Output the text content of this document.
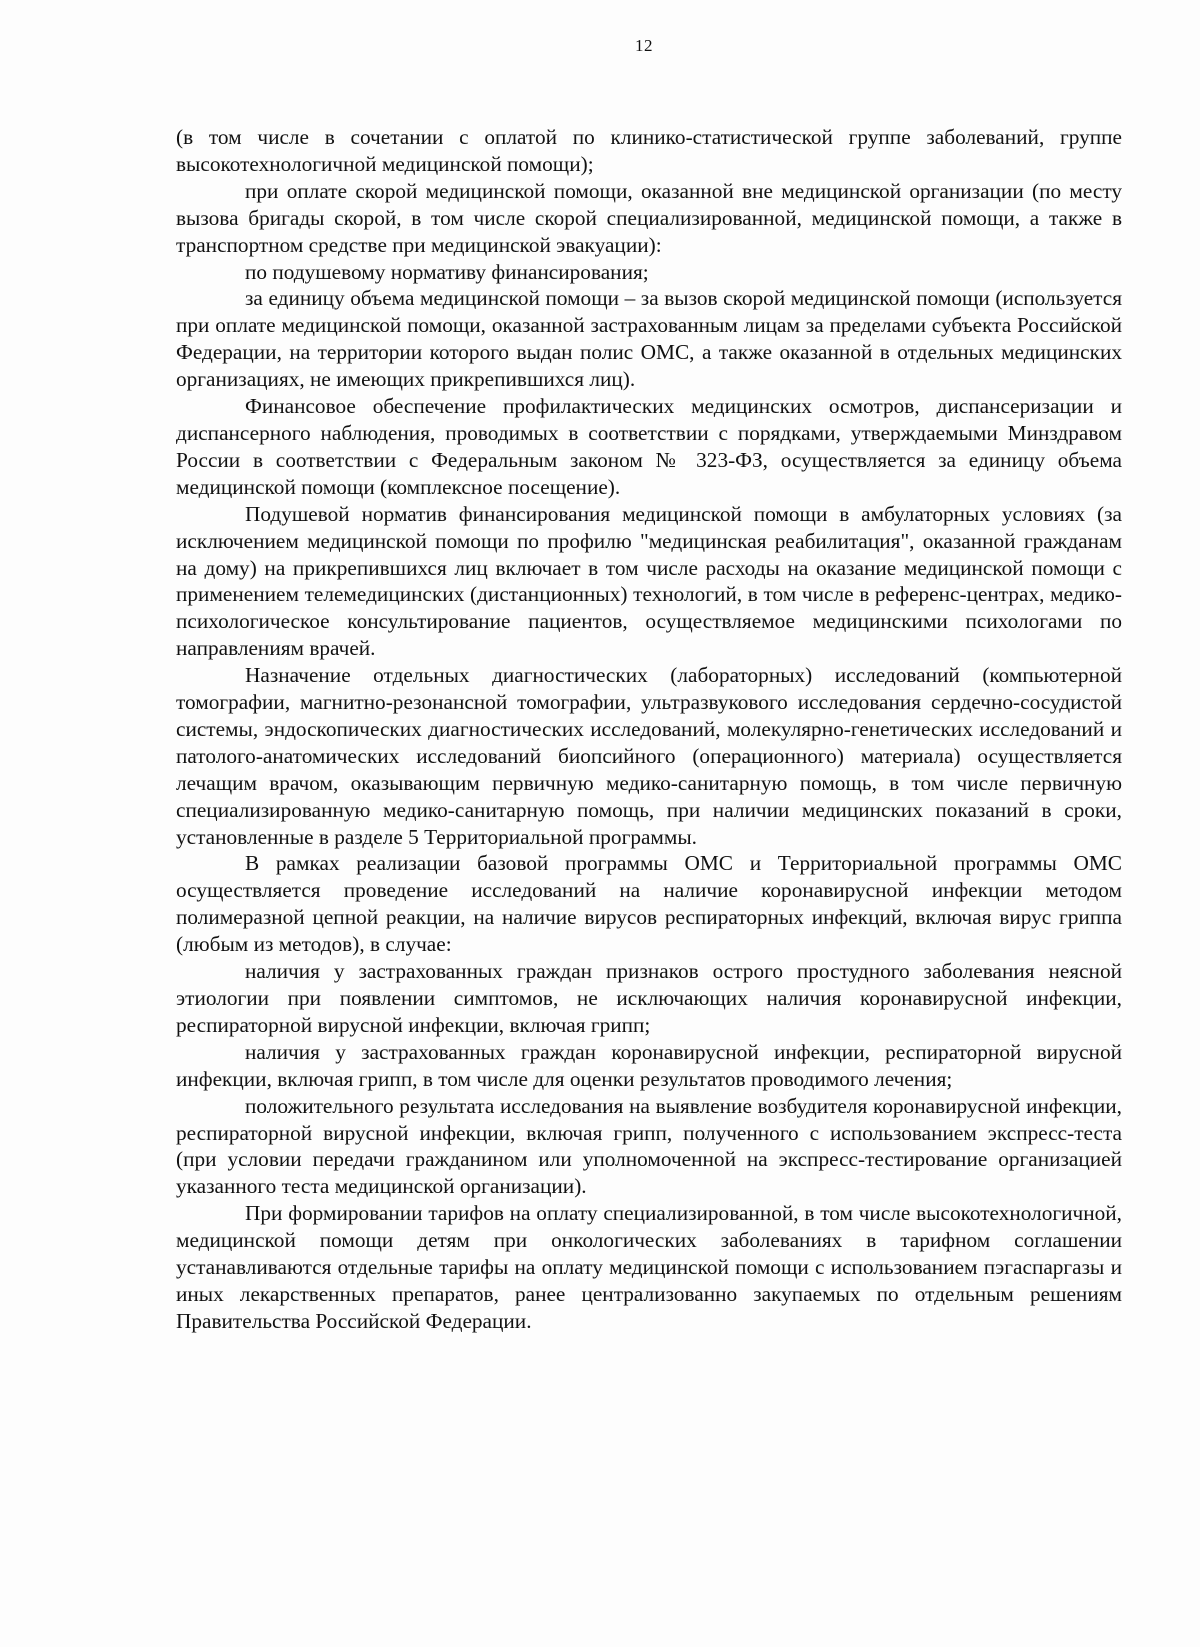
12

(в том числе в сочетании с оплатой по клинико-статистической группе заболеваний, группе высокотехнологичной медицинской помощи);

при оплате скорой медицинской помощи, оказанной вне медицинской организации (по месту вызова бригады скорой, в том числе скорой специализированной, медицинской помощи, а также в транспортном средстве при медицинской эвакуации):

по подушевому нормативу финансирования;

за единицу объема медицинской помощи – за вызов скорой медицинской помощи (используется при оплате медицинской помощи, оказанной застрахованным лицам за пределами субъекта Российской Федерации, на территории которого выдан полис ОМС, а также оказанной в отдельных медицинских организациях, не имеющих прикрепившихся лиц).

Финансовое обеспечение профилактических медицинских осмотров, диспансеризации и диспансерного наблюдения, проводимых в соответствии с порядками, утверждаемыми Минздравом России в соответствии с Федеральным законом № 323-ФЗ, осуществляется за единицу объема медицинской помощи (комплексное посещение).

Подушевой норматив финансирования медицинской помощи в амбулаторных условиях (за исключением медицинской помощи по профилю "медицинская реабилитация", оказанной гражданам на дому) на прикрепившихся лиц включает в том числе расходы на оказание медицинской помощи с применением телемедицинских (дистанционных) технологий, в том числе в референс-центрах, медико-психологическое консультирование пациентов, осуществляемое медицинскими психологами по направлениям врачей.

Назначение отдельных диагностических (лабораторных) исследований (компьютерной томографии, магнитно-резонансной томографии, ультразвукового исследования сердечно-сосудистой системы, эндоскопических диагностических исследований, молекулярно-генетических исследований и патолого-анатомических исследований биопсийного (операционного) материала) осуществляется лечащим врачом, оказывающим первичную медико-санитарную помощь, в том числе первичную специализированную медико-санитарную помощь, при наличии медицинских показаний в сроки, установленные в разделе 5 Территориальной программы.

В рамках реализации базовой программы ОМС и Территориальной программы ОМС осуществляется проведение исследований на наличие коронавирусной инфекции методом полимеразной цепной реакции, на наличие вирусов респираторных инфекций, включая вирус гриппа (любым из методов), в случае:

наличия у застрахованных граждан признаков острого простудного заболевания неясной этиологии при появлении симптомов, не исключающих наличия коронавирусной инфекции, респираторной вирусной инфекции, включая грипп;

наличия у застрахованных граждан коронавирусной инфекции, респираторной вирусной инфекции, включая грипп, в том числе для оценки результатов проводимого лечения;

положительного результата исследования на выявление возбудителя коронавирусной инфекции, респираторной вирусной инфекции, включая грипп, полученного с использованием экспресс-теста (при условии передачи гражданином или уполномоченной на экспресс-тестирование организацией указанного теста медицинской организации).

При формировании тарифов на оплату специализированной, в том числе высокотехнологичной, медицинской помощи детям при онкологических заболеваниях в тарифном соглашении устанавливаются отдельные тарифы на оплату медицинской помощи с использованием пэгаспаргазы и иных лекарственных препаратов, ранее централизованно закупаемых по отдельным решениям Правительства Российской Федерации.
